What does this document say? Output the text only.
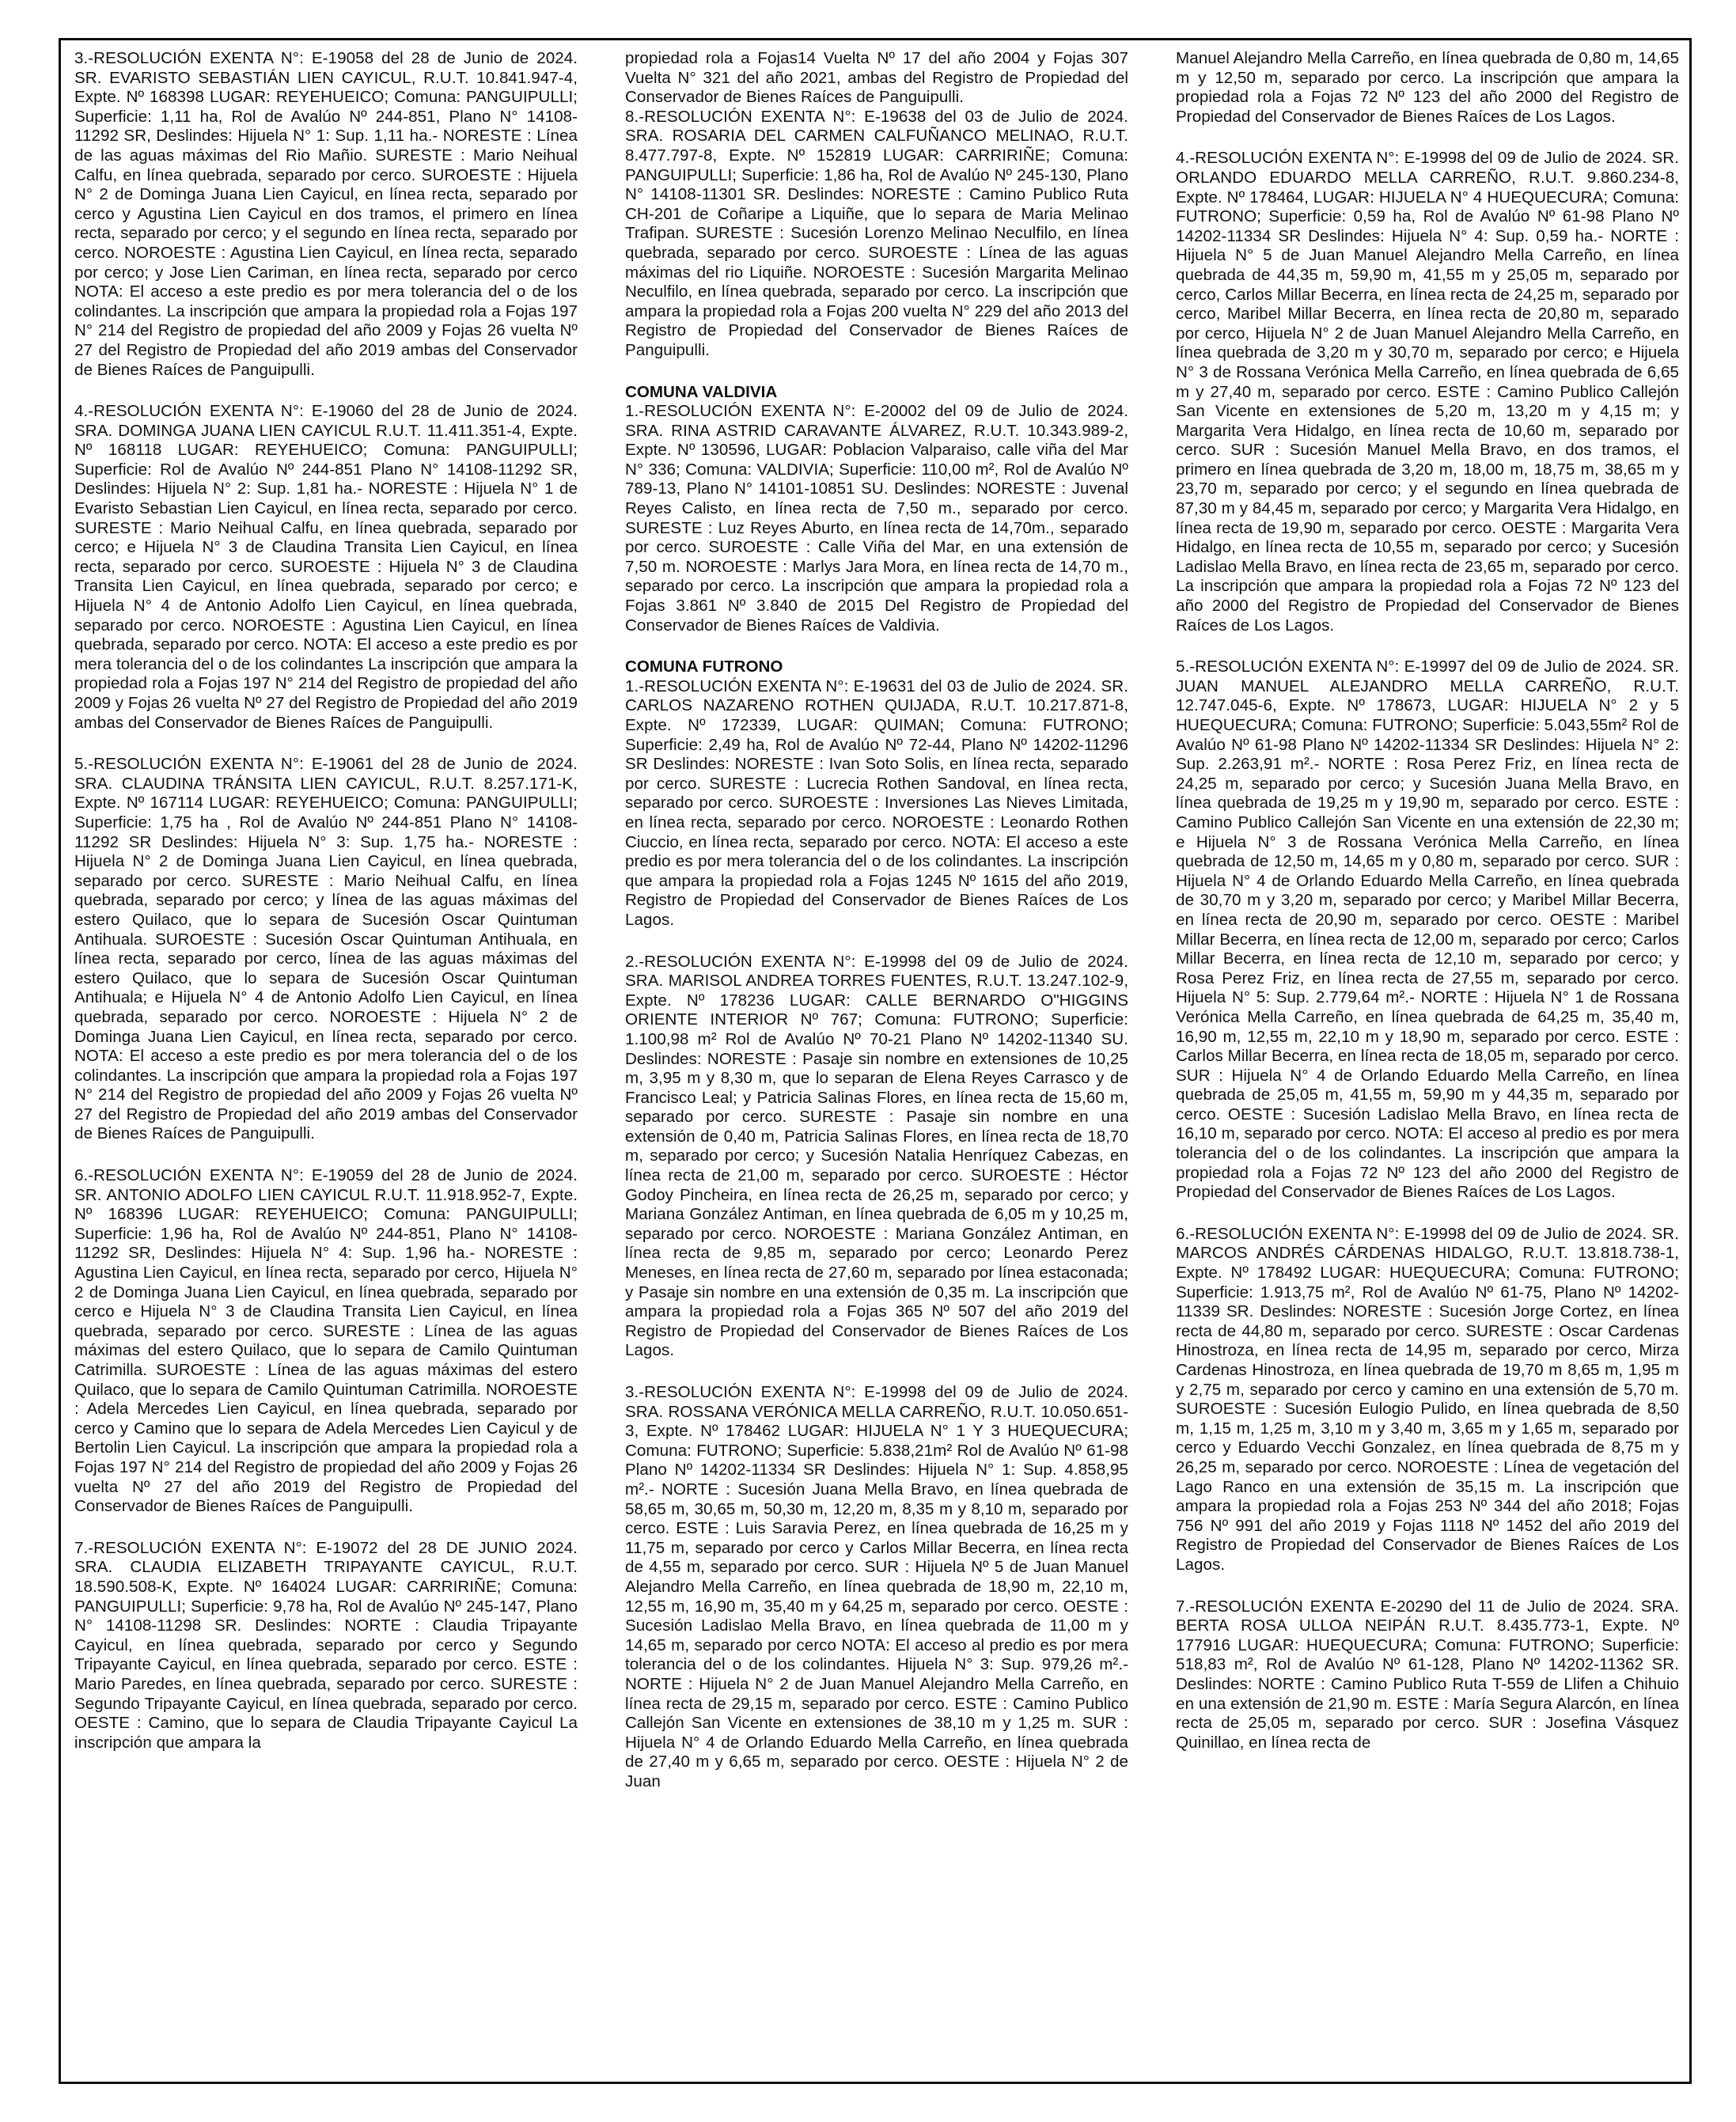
3.-RESOLUCIÓN EXENTA N°: E-19058 del 28 de Junio de 2024. SR. EVARISTO SEBASTIÁN LIEN CAYICUL, R.U.T. 10.841.947-4, Expte. Nº 168398 LUGAR: REYEHUEICO; Comuna: PANGUIPULLI; Superficie: 1,11 ha, Rol de Avalúo Nº 244-851, Plano N° 14108-11292 SR, Deslindes: Hijuela N° 1: Sup. 1,11 ha.- NORESTE : Línea de las aguas máximas del Rio Mañio. SURESTE : Mario Neihual Calfu, en línea quebrada, separado por cerco. SUROESTE : Hijuela N° 2 de Dominga Juana Lien Cayicul, en línea recta, separado por cerco y Agustina Lien Cayicul en dos tramos, el primero en línea recta, separado por cerco; y el segundo en línea recta, separado por cerco. NOROESTE : Agustina Lien Cayicul, en línea recta, separado por cerco; y Jose Lien Cariman, en línea recta, separado por cerco NOTA: El acceso a este predio es por mera tolerancia del o de los colindantes. La inscripción que ampara la propiedad rola a Fojas 197 N° 214 del Registro de propiedad del año 2009 y Fojas 26 vuelta Nº 27 del Registro de Propiedad del año 2019 ambas del Conservador de Bienes Raíces de Panguipulli.

4.-RESOLUCIÓN EXENTA N°: E-19060 del 28 de Junio de 2024. SRA. DOMINGA JUANA LIEN CAYICUL R.U.T. 11.411.351-4, Expte. Nº 168118 LUGAR: REYEHUEICO; Comuna: PANGUIPULLI; Superficie: Rol de Avalúo Nº 244-851 Plano N° 14108-11292 SR, Deslindes: Hijuela N° 2: Sup. 1,81 ha.- NORESTE : Hijuela N° 1 de Evaristo Sebastian Lien Cayicul, en línea recta, separado por cerco. SURESTE : Mario Neihual Calfu, en línea quebrada, separado por cerco; e Hijuela N° 3 de Claudina Transita Lien Cayicul, en línea recta, separado por cerco. SUROESTE : Hijuela N° 3 de Claudina Transita Lien Cayicul, en línea quebrada, separado por cerco; e Hijuela N° 4 de Antonio Adolfo Lien Cayicul, en línea quebrada, separado por cerco. NOROESTE : Agustina Lien Cayicul, en línea quebrada, separado por cerco. NOTA: El acceso a este predio es por mera tolerancia del o de los colindantes La inscripción que ampara la propiedad rola a Fojas 197 N° 214 del Registro de propiedad del año 2009 y Fojas 26 vuelta Nº 27 del Registro de Propiedad del año 2019 ambas del Conservador de Bienes Raíces de Panguipulli.

5.-RESOLUCIÓN EXENTA N°: E-19061 del 28 de Junio de 2024. SRA. CLAUDINA TRÁNSITA LIEN CAYICUL, R.U.T. 8.257.171-K, Expte. Nº 167114 LUGAR: REYEHUEICO; Comuna: PANGUIPULLI; Superficie: 1,75 ha , Rol de Avalúo Nº 244-851 Plano N° 14108-11292 SR Deslindes: Hijuela N° 3: Sup. 1,75 ha.- NORESTE : Hijuela N° 2 de Dominga Juana Lien Cayicul, en línea quebrada, separado por cerco. SURESTE : Mario Neihual Calfu, en línea quebrada, separado por cerco; y línea de las aguas máximas del estero Quilaco, que lo separa de Sucesión Oscar Quintuman Antihuala. SUROESTE : Sucesión Oscar Quintuman Antihuala, en línea recta, separado por cerco, línea de las aguas máximas del estero Quilaco, que lo separa de Sucesión Oscar Quintuman Antihuala; e Hijuela N° 4 de Antonio Adolfo Lien Cayicul, en línea quebrada, separado por cerco. NOROESTE : Hijuela N° 2 de Dominga Juana Lien Cayicul, en línea recta, separado por cerco. NOTA: El acceso a este predio es por mera tolerancia del o de los colindantes. La inscripción que ampara la propiedad rola a Fojas 197 N° 214 del Registro de propiedad del año 2009 y Fojas 26 vuelta Nº 27 del Registro de Propiedad del año 2019 ambas del Conservador de Bienes Raíces de Panguipulli.

6.-RESOLUCIÓN EXENTA N°: E-19059 del 28 de Junio de 2024. SR. ANTONIO ADOLFO LIEN CAYICUL R.U.T. 11.918.952-7, Expte. Nº 168396 LUGAR: REYEHUEICO; Comuna: PANGUIPULLI; Superficie: 1,96 ha, Rol de Avalúo Nº 244-851, Plano N° 14108-11292 SR, Deslindes: Hijuela N° 4: Sup. 1,96 ha.- NORESTE : Agustina Lien Cayicul, en línea recta, separado por cerco, Hijuela N° 2 de Dominga Juana Lien Cayicul, en línea quebrada, separado por cerco e Hijuela N° 3 de Claudina Transita Lien Cayicul, en línea quebrada, separado por cerco. SURESTE : Línea de las aguas máximas del estero Quilaco, que lo separa de Camilo Quintuman Catrimilla. SUROESTE : Línea de las aguas máximas del estero Quilaco, que lo separa de Camilo Quintuman Catrimilla. NOROESTE : Adela Mercedes Lien Cayicul, en línea quebrada, separado por cerco y Camino que lo separa de Adela Mercedes Lien Cayicul y de Bertolin Lien Cayicul. La inscripción que ampara la propiedad rola a Fojas 197 N° 214 del Registro de propiedad del año 2009 y Fojas 26 vuelta Nº 27 del año 2019 del Registro de Propiedad del Conservador de Bienes Raíces de Panguipulli.

7.-RESOLUCIÓN EXENTA N°: E-19072 del 28 DE JUNIO 2024. SRA. CLAUDIA ELIZABETH TRIPAYANTE CAYICUL, R.U.T. 18.590.508-K, Expte. Nº 164024 LUGAR: CARRIRIÑE; Comuna: PANGUIPULLI; Superficie: 9,78 ha, Rol de Avalúo Nº 245-147, Plano N° 14108-11298 SR. Deslindes: NORTE : Claudia Tripayante Cayicul, en línea quebrada, separado por cerco y Segundo Tripayante Cayicul, en línea quebrada, separado por cerco. ESTE : Mario Paredes, en línea quebrada, separado por cerco. SURESTE : Segundo Tripayante Cayicul, en línea quebrada, separado por cerco. OESTE : Camino, que lo separa de Claudia Tripayante Cayicul La inscripción que ampara la

propiedad rola a Fojas14 Vuelta Nº 17 del año 2004 y Fojas 307 Vuelta N° 321 del año 2021, ambas del Registro de Propiedad del Conservador de Bienes Raíces de Panguipulli.

8.-RESOLUCIÓN EXENTA N°: E-19638 del 03 de Julio de 2024. SRA. ROSARIA DEL CARMEN CALFUÑANCO MELINAO, R.U.T. 8.477.797-8, Expte. Nº 152819 LUGAR: CARRIRIÑE; Comuna: PANGUIPULLI; Superficie: 1,86 ha, Rol de Avalúo Nº 245-130, Plano N° 14108-11301 SR. Deslindes: NORESTE : Camino Publico Ruta CH-201 de Coñaripe a Liquiñe, que lo separa de Maria Melinao Trafipan. SURESTE : Sucesión Lorenzo Melinao Neculfilo, en línea quebrada, separado por cerco. SUROESTE : Línea de las aguas máximas del rio Liquiñe. NOROESTE : Sucesión Margarita Melinao Neculfilo, en línea quebrada, separado por cerco. La inscripción que ampara la propiedad rola a Fojas 200 vuelta N° 229 del año 2013 del Registro de Propiedad del Conservador de Bienes Raíces de Panguipulli.

COMUNA VALDIVIA

1.-RESOLUCIÓN EXENTA N°: E-20002 del 09 de Julio de 2024. SRA. RINA ASTRID CARAVANTE ÁLVAREZ, R.U.T. 10.343.989-2, Expte. Nº 130596, LUGAR: Poblacion Valparaiso, calle viña del Mar N° 336; Comuna: VALDIVIA; Superficie: 110,00 m², Rol de Avalúo Nº 789-13, Plano N° 14101-10851 SU. Deslindes: NORESTE : Juvenal Reyes Calisto, en línea recta de 7,50 m., separado por cerco. SURESTE : Luz Reyes Aburto, en línea recta de 14,70m., separado por cerco. SUROESTE : Calle Viña del Mar, en una extensión de 7,50 m. NOROESTE : Marlys Jara Mora, en línea recta de 14,70 m., separado por cerco. La inscripción que ampara la propiedad rola a Fojas 3.861 Nº 3.840 de 2015 Del Registro de Propiedad del Conservador de Bienes Raíces de Valdivia.

COMUNA FUTRONO

1.-RESOLUCIÓN EXENTA N°: E-19631 del 03 de Julio de 2024. SR. CARLOS NAZARENO ROTHEN QUIJADA, R.U.T. 10.217.871-8, Expte. Nº 172339, LUGAR: QUIMAN; Comuna: FUTRONO; Superficie: 2,49 ha, Rol de Avalúo Nº 72-44, Plano Nº 14202-11296 SR Deslindes: NORESTE : Ivan Soto Solis, en línea recta, separado por cerco. SURESTE : Lucrecia Rothen Sandoval, en línea recta, separado por cerco. SUROESTE : Inversiones Las Nieves Limitada, en línea recta, separado por cerco. NOROESTE : Leonardo Rothen Ciuccio, en línea recta, separado por cerco. NOTA: El acceso a este predio es por mera tolerancia del o de los colindantes. La inscripción que ampara la propiedad rola a Fojas 1245 Nº 1615 del año 2019, Registro de Propiedad del Conservador de Bienes Raíces de Los Lagos.

2.-RESOLUCIÓN EXENTA N°: E-19998 del 09 de Julio de 2024. SRA. MARISOL ANDREA TORRES FUENTES, R.U.T. 13.247.102-9, Expte. Nº 178236 LUGAR: CALLE BERNARDO O"HIGGINS ORIENTE INTERIOR Nº 767; Comuna: FUTRONO; Superficie: 1.100,98 m² Rol de Avalúo Nº 70-21 Plano Nº 14202-11340 SU. Deslindes: NORESTE : Pasaje sin nombre en extensiones de 10,25 m, 3,95 m y 8,30 m, que lo separan de Elena Reyes Carrasco y de Francisco Leal; y Patricia Salinas Flores, en línea recta de 15,60 m, separado por cerco. SURESTE : Pasaje sin nombre en una extensión de 0,40 m, Patricia Salinas Flores, en línea recta de 18,70 m, separado por cerco; y Sucesión Natalia Henríquez Cabezas, en línea recta de 21,00 m, separado por cerco. SUROESTE : Héctor Godoy Pincheira, en línea recta de 26,25 m, separado por cerco; y Mariana González Antiman, en línea quebrada de 6,05 m y 10,25 m, separado por cerco. NOROESTE : Mariana González Antiman, en línea recta de 9,85 m, separado por cerco; Leonardo Perez Meneses, en línea recta de 27,60 m, separado por línea estaconada; y Pasaje sin nombre en una extensión de 0,35 m. La inscripción que ampara la propiedad rola a Fojas 365 Nº 507 del año 2019 del Registro de Propiedad del Conservador de Bienes Raíces de Los Lagos.

3.-RESOLUCIÓN EXENTA N°: E-19998 del 09 de Julio de 2024. SRA. ROSSANA VERÓNICA MELLA CARREÑO, R.U.T. 10.050.651-3, Expte. Nº 178462 LUGAR: HIJUELA N° 1 Y 3 HUEQUECURA; Comuna: FUTRONO; Superficie: 5.838,21m² Rol de Avalúo Nº 61-98 Plano Nº 14202-11334 SR Deslindes: Hijuela N° 1: Sup. 4.858,95 m².- NORTE : Sucesión Juana Mella Bravo, en línea quebrada de 58,65 m, 30,65 m, 50,30 m, 12,20 m, 8,35 m y 8,10 m, separado por cerco. ESTE : Luis Saravia Perez, en línea quebrada de 16,25 m y 11,75 m, separado por cerco y Carlos Millar Becerra, en línea recta de 4,55 m, separado por cerco. SUR : Hijuela Nº 5 de Juan Manuel Alejandro Mella Carreño, en línea quebrada de 18,90 m, 22,10 m, 12,55 m, 16,90 m, 35,40 m y 64,25 m, separado por cerco. OESTE : Sucesión Ladislao Mella Bravo, en línea quebrada de 11,00 m y 14,65 m, separado por cerco NOTA: El acceso al predio es por mera tolerancia del o de los colindantes. Hijuela N° 3: Sup. 979,26 m².- NORTE : Hijuela N° 2 de Juan Manuel Alejandro Mella Carreño, en línea recta de 29,15 m, separado por cerco. ESTE : Camino Publico Callejón San Vicente en extensiones de 38,10 m y 1,25 m. SUR : Hijuela N° 4 de Orlando Eduardo Mella Carreño, en línea quebrada de 27,40 m y 6,65 m, separado por cerco. OESTE : Hijuela N° 2 de Juan

Manuel Alejandro Mella Carreño, en línea quebrada de 0,80 m, 14,65 m y 12,50 m, separado por cerco. La inscripción que ampara la propiedad rola a Fojas 72 Nº 123 del año 2000 del Registro de Propiedad del Conservador de Bienes Raíces de Los Lagos.

4.-RESOLUCIÓN EXENTA N°: E-19998 del 09 de Julio de 2024. SR. ORLANDO EDUARDO MELLA CARREÑO, R.U.T. 9.860.234-8, Expte. Nº 178464, LUGAR: HIJUELA N° 4 HUEQUECURA; Comuna: FUTRONO; Superficie: 0,59 ha, Rol de Avalúo Nº 61-98 Plano Nº 14202-11334 SR Deslindes: Hijuela N° 4: Sup. 0,59 ha.- NORTE : Hijuela N° 5 de Juan Manuel Alejandro Mella Carreño, en línea quebrada de 44,35 m, 59,90 m, 41,55 m y 25,05 m, separado por cerco, Carlos Millar Becerra, en línea recta de 24,25 m, separado por cerco, Maribel Millar Becerra, en línea recta de 20,80 m, separado por cerco, Hijuela N° 2 de Juan Manuel Alejandro Mella Carreño, en línea quebrada de 3,20 m y 30,70 m, separado por cerco; e Hijuela N° 3 de Rossana Verónica Mella Carreño, en línea quebrada de 6,65 m y 27,40 m, separado por cerco. ESTE : Camino Publico Callejón San Vicente en extensiones de 5,20 m, 13,20 m y 4,15 m; y Margarita Vera Hidalgo, en línea recta de 10,60 m, separado por cerco. SUR : Sucesión Manuel Mella Bravo, en dos tramos, el primero en línea quebrada de 3,20 m, 18,00 m, 18,75 m, 38,65 m y 23,70 m, separado por cerco; y el segundo en línea quebrada de 87,30 m y 84,45 m, separado por cerco; y Margarita Vera Hidalgo, en línea recta de 19,90 m, separado por cerco. OESTE : Margarita Vera Hidalgo, en línea recta de 10,55 m, separado por cerco; y Sucesión Ladislao Mella Bravo, en línea recta de 23,65 m, separado por cerco. La inscripción que ampara la propiedad rola a Fojas 72 Nº 123 del año 2000 del Registro de Propiedad del Conservador de Bienes Raíces de Los Lagos.

5.-RESOLUCIÓN EXENTA N°: E-19997 del 09 de Julio de 2024. SR. JUAN MANUEL ALEJANDRO MELLA CARREÑO, R.U.T. 12.747.045-6, Expte. Nº 178673, LUGAR: HIJUELA N° 2 y 5 HUEQUECURA; Comuna: FUTRONO; Superficie: 5.043,55m² Rol de Avalúo Nº 61-98 Plano Nº 14202-11334 SR Deslindes: Hijuela N° 2: Sup. 2.263,91 m².- NORTE : Rosa Perez Friz, en línea recta de 24,25 m, separado por cerco; y Sucesión Juana Mella Bravo, en línea quebrada de 19,25 m y 19,90 m, separado por cerco. ESTE : Camino Publico Callejón San Vicente en una extensión de 22,30 m; e Hijuela N° 3 de Rossana Verónica Mella Carreño, en línea quebrada de 12,50 m, 14,65 m y 0,80 m, separado por cerco. SUR : Hijuela N° 4 de Orlando Eduardo Mella Carreño, en línea quebrada de 30,70 m y 3,20 m, separado por cerco; y Maribel Millar Becerra, en línea recta de 20,90 m, separado por cerco. OESTE : Maribel Millar Becerra, en línea recta de 12,00 m, separado por cerco; Carlos Millar Becerra, en línea recta de 12,10 m, separado por cerco; y Rosa Perez Friz, en línea recta de 27,55 m, separado por cerco. Hijuela N° 5: Sup. 2.779,64 m².- NORTE : Hijuela N° 1 de Rossana Verónica Mella Carreño, en línea quebrada de 64,25 m, 35,40 m, 16,90 m, 12,55 m, 22,10 m y 18,90 m, separado por cerco. ESTE : Carlos Millar Becerra, en línea recta de 18,05 m, separado por cerco. SUR : Hijuela N° 4 de Orlando Eduardo Mella Carreño, en línea quebrada de 25,05 m, 41,55 m, 59,90 m y 44,35 m, separado por cerco. OESTE : Sucesión Ladislao Mella Bravo, en línea recta de 16,10 m, separado por cerco. NOTA: El acceso al predio es por mera tolerancia del o de los colindantes. La inscripción que ampara la propiedad rola a Fojas 72 Nº 123 del año 2000 del Registro de Propiedad del Conservador de Bienes Raíces de Los Lagos.

6.-RESOLUCIÓN EXENTA N°: E-19998 del 09 de Julio de 2024. SR. MARCOS ANDRÉS CÁRDENAS HIDALGO, R.U.T. 13.818.738-1, Expte. Nº 178492 LUGAR: HUEQUECURA; Comuna: FUTRONO; Superficie: 1.913,75 m², Rol de Avalúo Nº 61-75, Plano Nº 14202-11339 SR. Deslindes: NORESTE : Sucesión Jorge Cortez, en línea recta de 44,80 m, separado por cerco. SURESTE : Oscar Cardenas Hinostroza, en línea recta de 14,95 m, separado por cerco, Mirza Cardenas Hinostroza, en línea quebrada de 19,70 m 8,65 m, 1,95 m y 2,75 m, separado por cerco y camino en una extensión de 5,70 m. SUROESTE : Sucesión Eulogio Pulido, en línea quebrada de 8,50 m, 1,15 m, 1,25 m, 3,10 m y 3,40 m, 3,65 m y 1,65 m, separado por cerco y Eduardo Vecchi Gonzalez, en línea quebrada de 8,75 m y 26,25 m, separado por cerco. NOROESTE : Línea de vegetación del Lago Ranco en una extensión de 35,15 m. La inscripción que ampara la propiedad rola a Fojas 253 Nº 344 del año 2018; Fojas 756 Nº 991 del año 2019 y Fojas 1118 Nº 1452 del año 2019 del Registro de Propiedad del Conservador de Bienes Raíces de Los Lagos.

7.-RESOLUCIÓN EXENTA E-20290 del 11 de Julio de 2024. SRA. BERTA ROSA ULLOA NEIPÁN R.U.T. 8.435.773-1, Expte. Nº 177916 LUGAR: HUEQUECURA; Comuna: FUTRONO; Superficie: 518,83 m², Rol de Avalúo Nº 61-128, Plano Nº 14202-11362 SR. Deslindes: NORTE : Camino Publico Ruta T-559 de Llifen a Chihuio en una extensión de 21,90 m. ESTE : María Segura Alarcón, en línea recta de 25,05 m, separado por cerco. SUR : Josefina Vásquez Quinillao, en línea recta de
